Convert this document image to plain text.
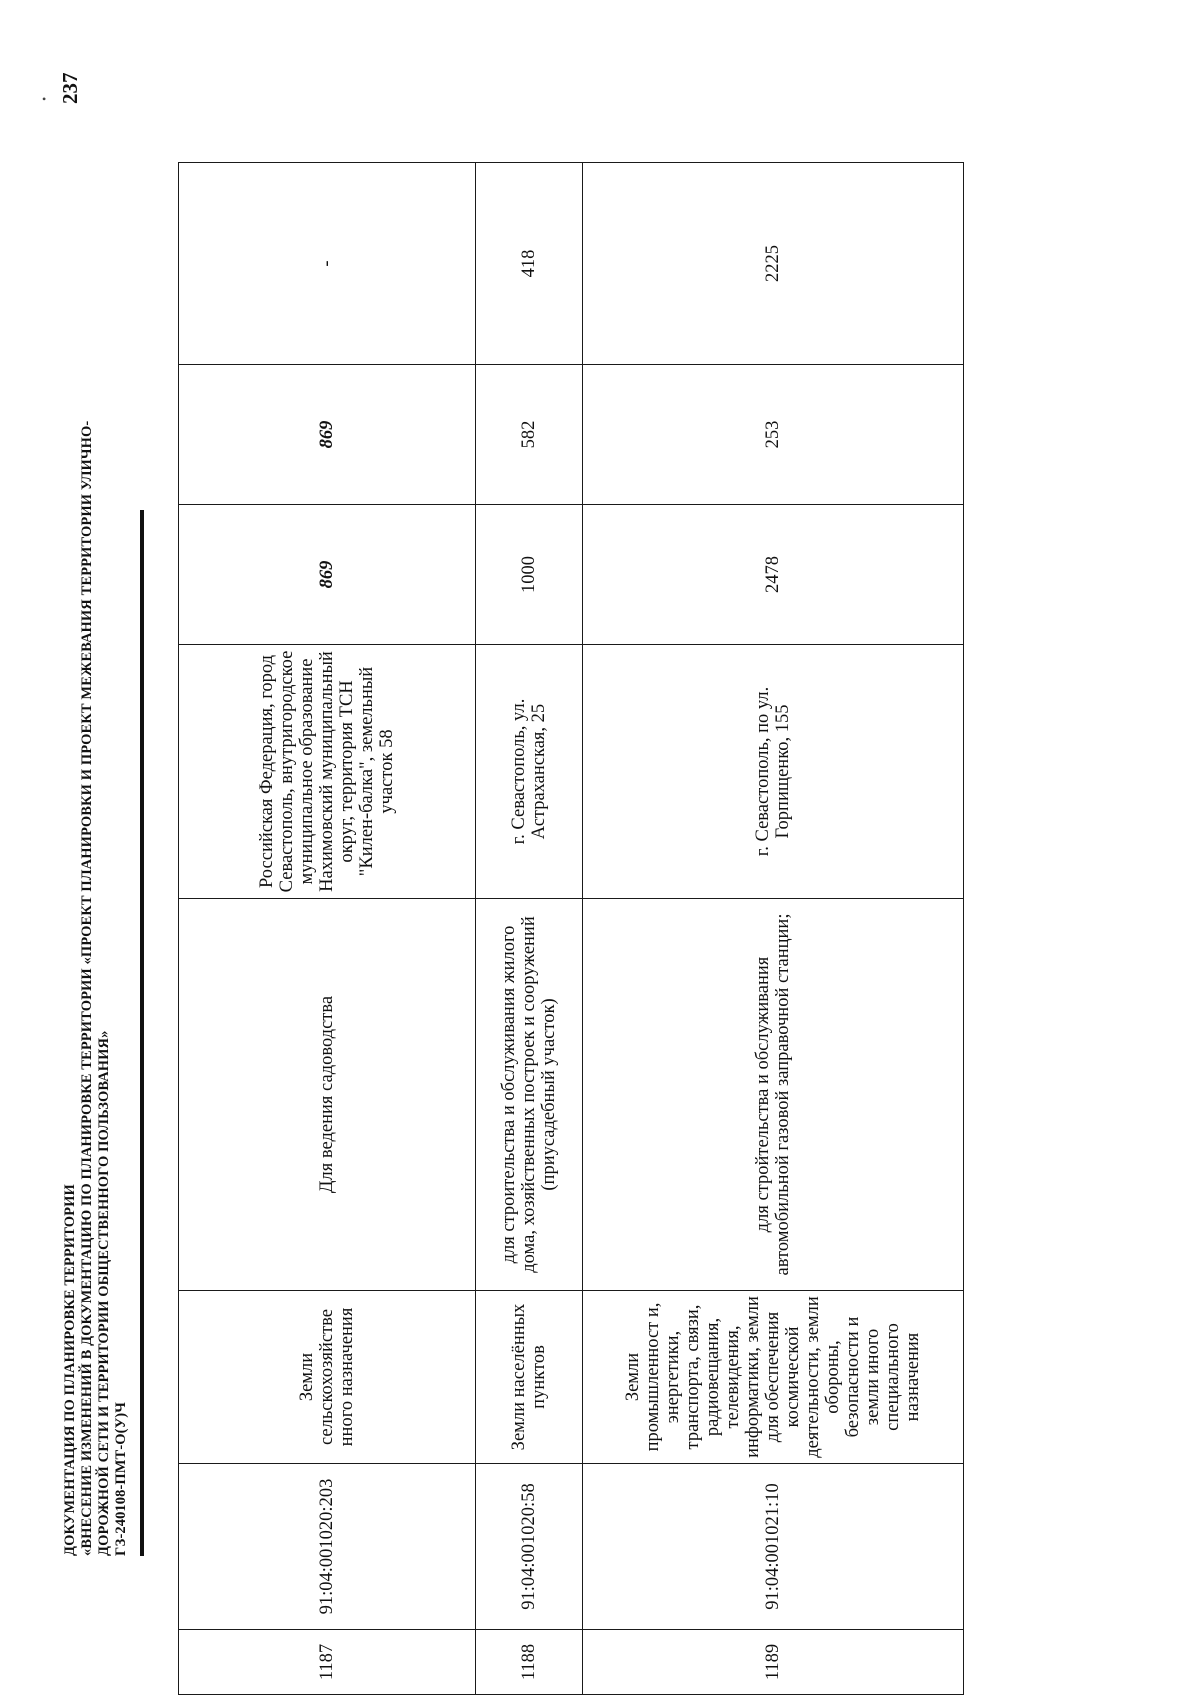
•
ДОКУМЕНТАЦИЯ ПО ПЛАНИРОВКЕ ТЕРРИТОРИИ «ВНЕСЕНИЕ ИЗМЕНЕНИЙ В ДОКУМЕНТАЦИЮ ПО ПЛАНИРОВКЕ ТЕРРИТОРИИ «ПРОЕКТ ПЛАНИРОВКИ И ПРОЕКТ МЕЖЕВАНИЯ ТЕРРИТОРИИ УЛИЧНО- ДОРОЖНОЙ СЕТИ И ТЕРРИТОРИИ ОБЩЕСТВЕННОГО ПОЛЬЗОВАНИЯ» ГЗ-240108-ПМТ-О(У)Ч
237
1187	91:04:001020:203	Земли сельскохозяйстве нного назначения	Для ведения садоводства	Российская Федерация, город Севастополь, внутригородское муниципальное образование Нахимовский муниципальный округ, территория ТСН "Килен-балка", земельный участок 58	869	869	-
1188	91:04:001020:58	Земли населённых пунктов	для строительства и обслуживания жилого дома, хозяйственных построек и сооружений (приусадебный участок)	г. Севастополь, ул. Астраханская, 25	1000	582	418
1189	91:04:001021:10	Земли промышленност и, энергетики, транспорта, связи, радиовещания, телевидения, информатики, земли для обеспечения космической деятельности, земли обороны, безопасности и земли иного специального назначения	для стройтельства и обслуживания автомобильной газовой заправочной станции;	г. Севастополь, по ул. Горпищенко, 155	2478	253	2225
